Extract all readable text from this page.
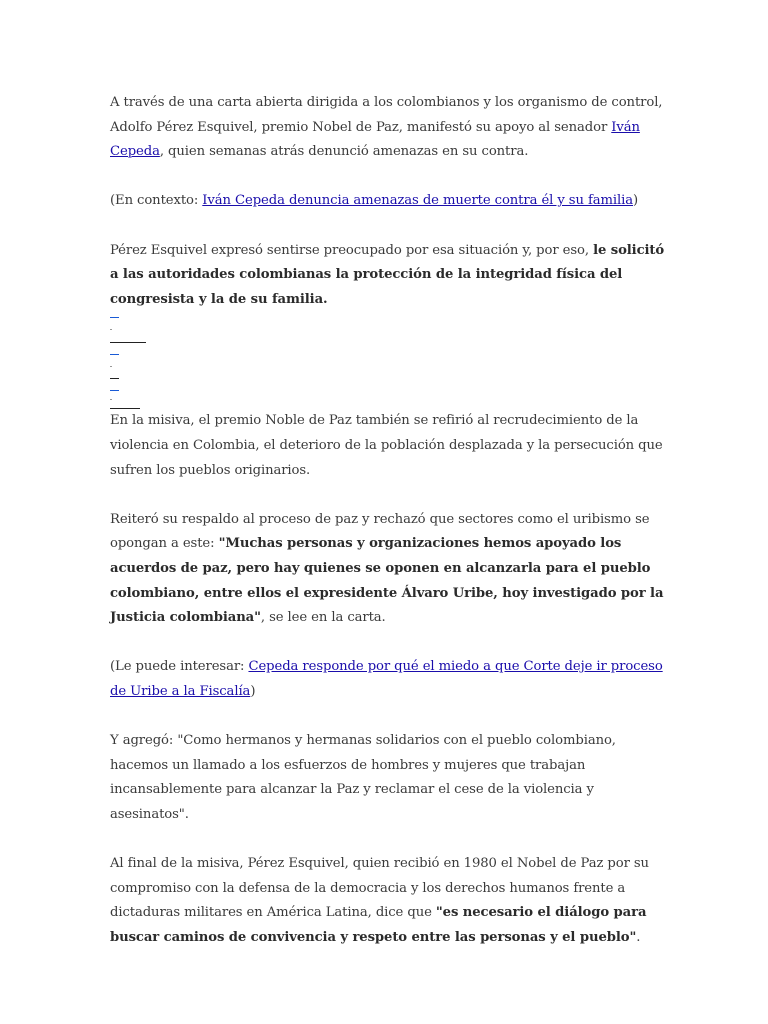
A través de una carta abierta dirigida a los colombianos y los organismo de control, Adolfo Pérez Esquivel, premio Nobel de Paz, manifestó su apoyo al senador Iván Cepeda, quien semanas atrás denunció amenazas en su contra.

(En contexto: Iván Cepeda denuncia amenazas de muerte contra él y su familia)

Pérez Esquivel expresó sentirse preocupado por esa situación y, por eso, le solicitó a las autoridades colombianas la protección de la integridad física del congresista y la de su familia.

En la misiva, el premio Noble de Paz también se refirió al recrudecimiento de la violencia en Colombia, el deterioro de la población desplazada y la persecución que sufren los pueblos originarios.

Reiteró su respaldo al proceso de paz y rechazó que sectores como el uribismo se opongan a este: "Muchas personas y organizaciones hemos apoyado los acuerdos de paz, pero hay quienes se oponen en alcanzarla para el pueblo colombiano, entre ellos el expresidente Álvaro Uribe, hoy investigado por la Justicia colombiana", se lee en la carta.

(Le puede interesar: Cepeda responde por qué el miedo a que Corte deje ir proceso de Uribe a la Fiscalía)

Y agregó: "Como hermanos y hermanas solidarios con el pueblo colombiano, hacemos un llamado a los esfuerzos de hombres y mujeres que trabajan incansablemente para alcanzar la Paz y reclamar el cese de la violencia y asesinatos".

Al final de la misiva, Pérez Esquivel, quien recibió en 1980 el Nobel de Paz por su compromiso con la defensa de la democracia y los derechos humanos frente a dictaduras militares en América Latina, dice que "es necesario el diálogo para buscar caminos de convivencia y respeto entre las personas y el pueblo".
